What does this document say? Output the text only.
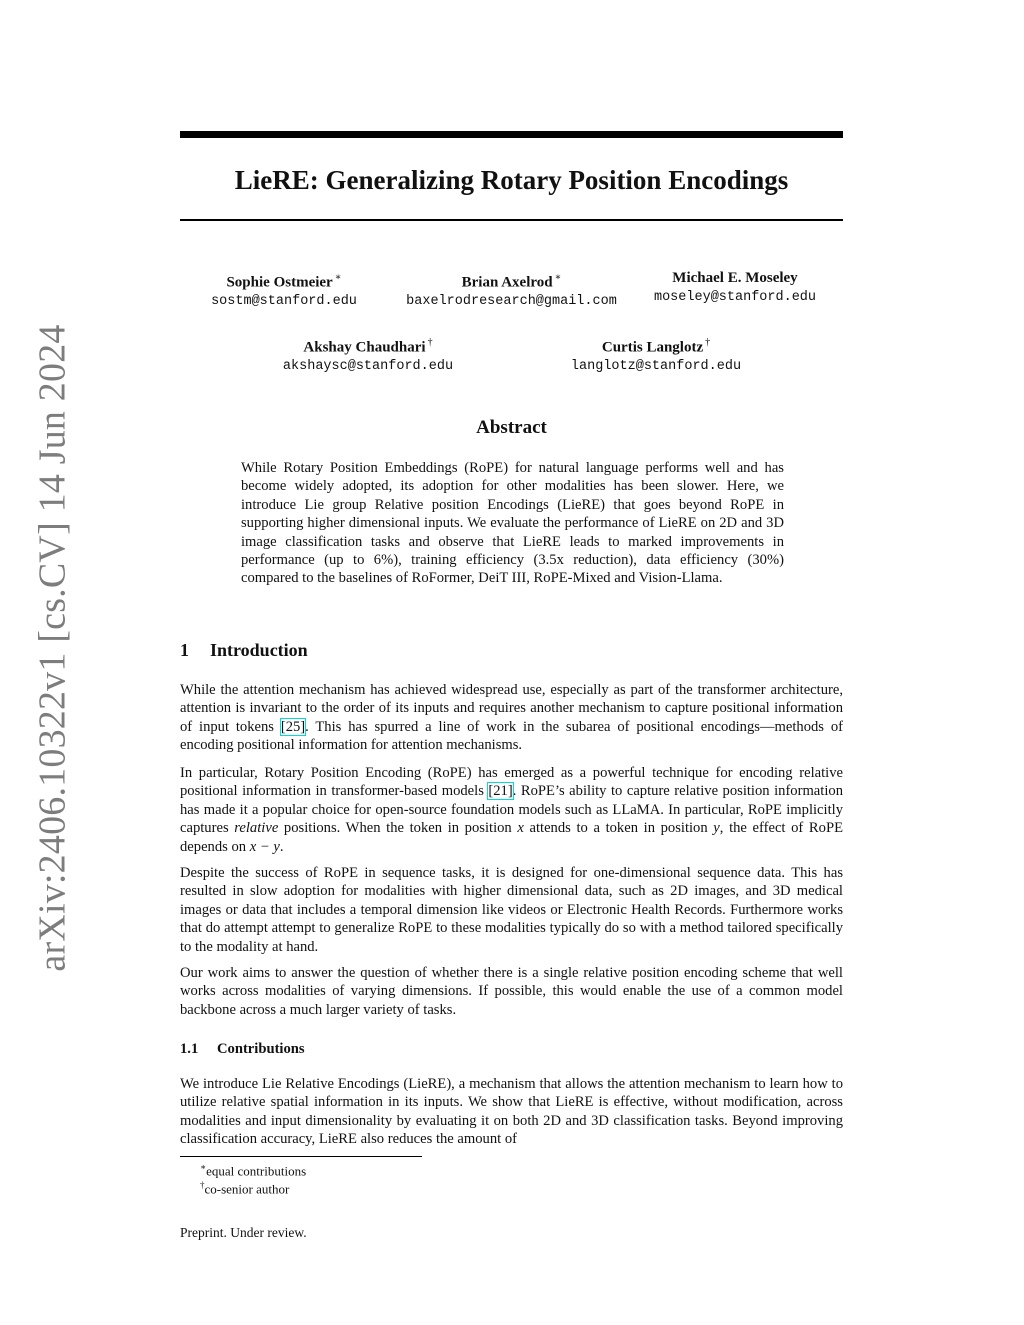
arXiv:2406.10322v1 [cs.CV] 14 Jun 2024
LieRE: Generalizing Rotary Position Encodings
Sophie Ostmeier ∗
sostm@stanford.edu
Brian Axelrod ∗
baxelrodresearch@gmail.com
Michael E. Moseley
moseley@stanford.edu
Akshay Chaudhari †
akshaysc@stanford.edu
Curtis Langlotz †
langlotz@stanford.edu
Abstract

While Rotary Position Embeddings (RoPE) for natural language performs well and has become widely adopted, its adoption for other modalities has been slower. Here, we introduce Lie group Relative position Encodings (LieRE) that goes beyond RoPE in supporting higher dimensional inputs. We evaluate the performance of LieRE on 2D and 3D image classification tasks and observe that LieRE leads to marked improvements in performance (up to 6%), training efficiency (3.5x reduction), data efficiency (30%) compared to the baselines of RoFormer, DeiT III, RoPE-Mixed and Vision-Llama.

1 Introduction

While the attention mechanism has achieved widespread use, especially as part of the transformer architecture, attention is invariant to the order of its inputs and requires another mechanism to capture positional information of input tokens [25]. This has spurred a line of work in the subarea of positional encodings—methods of encoding positional information for attention mechanisms.

In particular, Rotary Position Encoding (RoPE) has emerged as a powerful technique for encoding relative positional information in transformer-based models [21]. RoPE’s ability to capture relative position information has made it a popular choice for open-source foundation models such as LLaMA. In particular, RoPE implicitly captures relative positions. When the token in position x attends to a token in position y, the effect of RoPE depends on x − y.

Despite the success of RoPE in sequence tasks, it is designed for one-dimensional sequence data. This has resulted in slow adoption for modalities with higher dimensional data, such as 2D images, and 3D medical images or data that includes a temporal dimension like videos or Electronic Health Records. Furthermore works that do attempt attempt to generalize RoPE to these modalities typically do so with a method tailored specifically to the modality at hand.

Our work aims to answer the question of whether there is a single relative position encoding scheme that well works across modalities of varying dimensions. If possible, this would enable the use of a common model backbone across a much larger variety of tasks.

1.1 Contributions

We introduce Lie Relative Encodings (LieRE), a mechanism that allows the attention mechanism to learn how to utilize relative spatial information in its inputs. We show that LieRE is effective, without modification, across modalities and input dimensionality by evaluating it on both 2D and 3D classification tasks. Beyond improving classification accuracy, LieRE also reduces the amount of

∗equal contributions
†co-senior author
Preprint. Under review.
